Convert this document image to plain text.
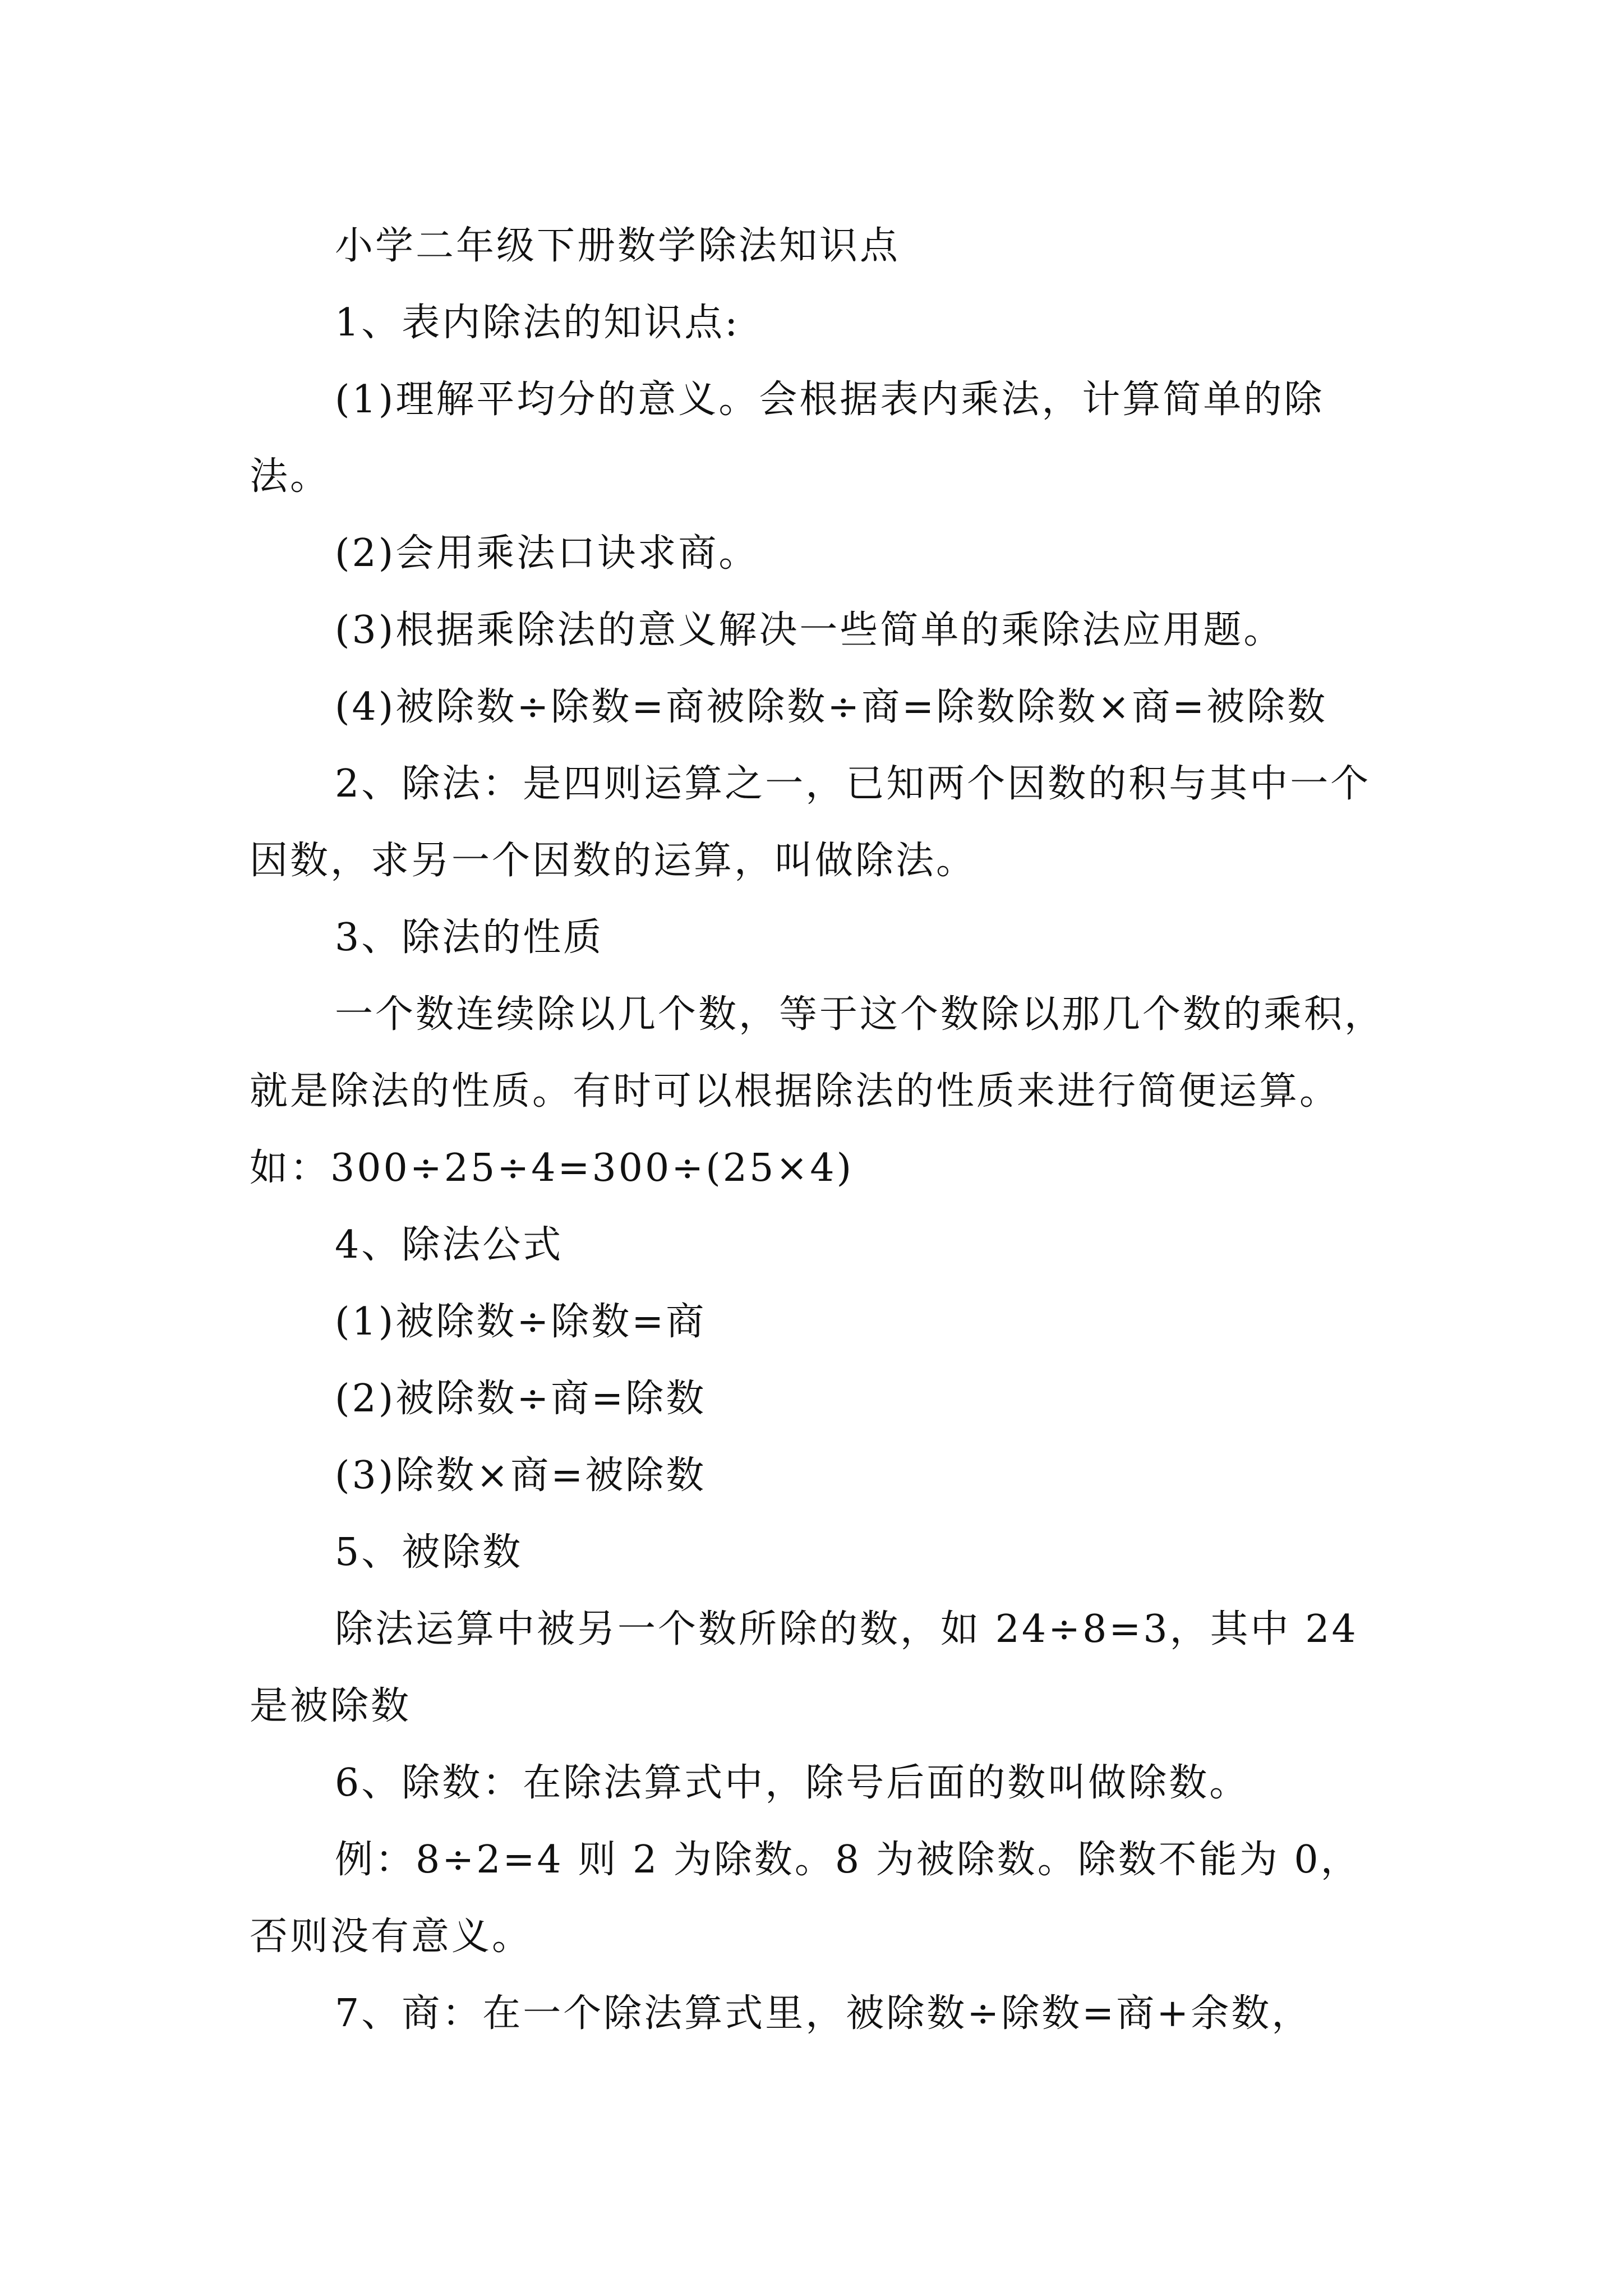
小学二年级下册数学除法知识点

1、表内除法的知识点:

(1)理解平均分的意义。会根据表内乘法，计算简单的除法。

(2)会用乘法口诀求商。

(3)根据乘除法的意义解决一些简单的乘除法应用题。

(4)被除数÷除数=商被除数÷商=除数除数×商=被除数

2、除法：是四则运算之一，已知两个因数的积与其中一个因数，求另一个因数的运算，叫做除法。

3、除法的性质

一个数连续除以几个数，等于这个数除以那几个数的乘积，就是除法的性质。有时可以根据除法的性质来进行简便运算。如：300÷25÷4=300÷(25×4)

4、除法公式

(1)被除数÷除数=商

(2)被除数÷商=除数

(3)除数×商=被除数

5、被除数

除法运算中被另一个数所除的数，如 24÷8=3，其中 24 是被除数

6、除数：在除法算式中，除号后面的数叫做除数。

例：8÷2=4 则 2 为除数。8 为被除数。除数不能为 0，否则没有意义。

7、商：在一个除法算式里，被除数÷除数=商+余数，
